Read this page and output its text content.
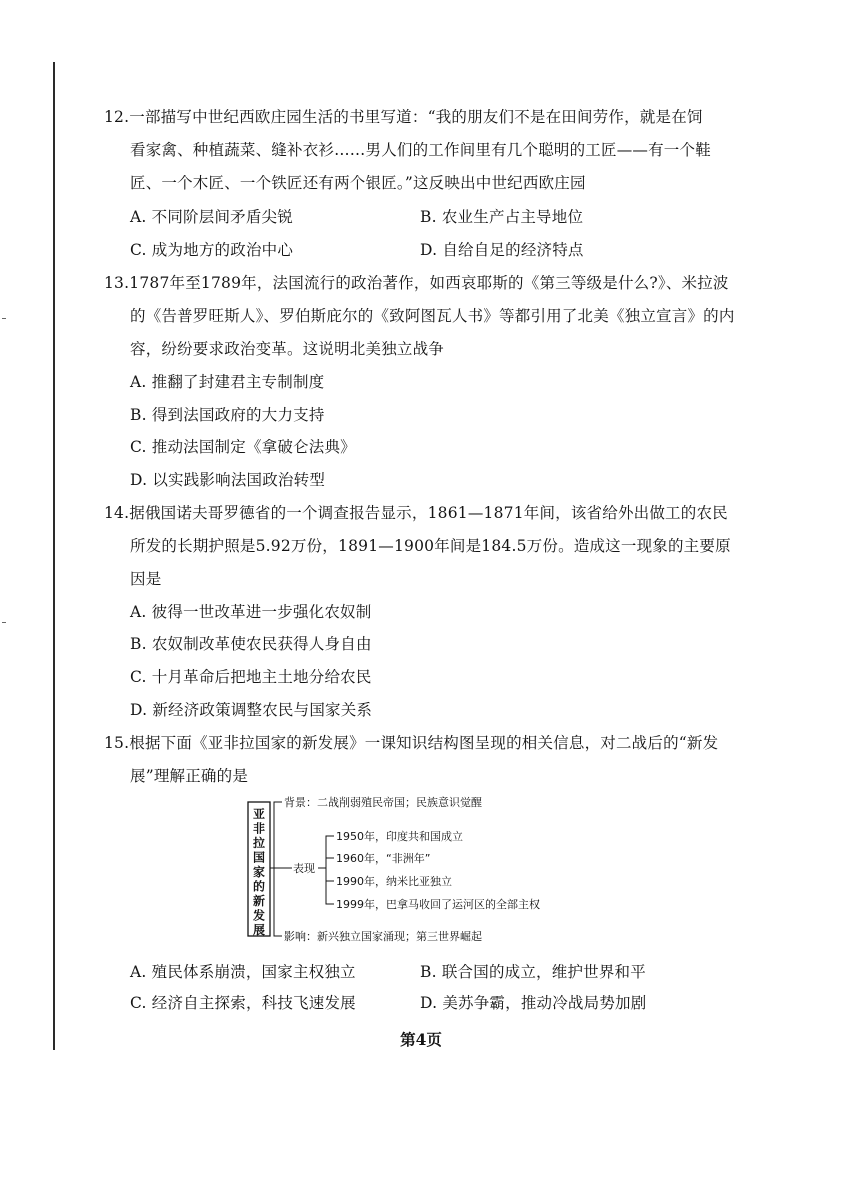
12.一部描写中世纪西欧庄园生活的书里写道：“我的朋友们不是在田间劳作，就是在饲
看家禽、种植蔬菜、缝补衣衫……男人们的工作间里有几个聪明的工匠——有一个鞋
匠、一个木匠、一个铁匠还有两个银匠。”这反映出中世纪西欧庄园
A. 不同阶层间矛盾尖锐	B. 农业生产占主导地位
C. 成为地方的政治中心	D. 自给自足的经济特点
13.1787年至1789年，法国流行的政治著作，如西哀耶斯的《第三等级是什么?》、米拉波
的《告普罗旺斯人》、罗伯斯庇尔的《致阿图瓦人书》等都引用了北美《独立宣言》的内
容，纷纷要求政治变革。这说明北美独立战争
A. 推翻了封建君主专制制度
B. 得到法国政府的大力支持
C. 推动法国制定《拿破仑法典》
D. 以实践影响法国政治转型
14.据俄国诺夫哥罗德省的一个调查报告显示，1861—1871年间，该省给外出做工的农民
所发的长期护照是5.92万份，1891—1900年间是184.5万份。造成这一现象的主要原
因是
A. 彼得一世改革进一步强化农奴制
B. 农奴制改革使农民获得人身自由
C. 十月革命后把地主土地分给农民
D. 新经济政策调整农民与国家关系
15.根据下面《亚非拉国家的新发展》一课知识结构图呈现的相关信息，对二战后的“新发
展”理解正确的是
亚
非
拉
国
家
的
新
发
展
背景：二战削弱殖民帝国；民族意识觉醒
表现
影响：新兴独立国家涌现；第三世界崛起
1950年，印度共和国成立
1960年，“非洲年”
1990年，纳米比亚独立
1999年，巴拿马收回了运河区的全部主权
A. 殖民体系崩溃，国家主权独立	B. 联合国的成立，维护世界和平
C. 经济自主探索，科技飞速发展	D. 美苏争霸，推动冷战局势加剧
第4页
